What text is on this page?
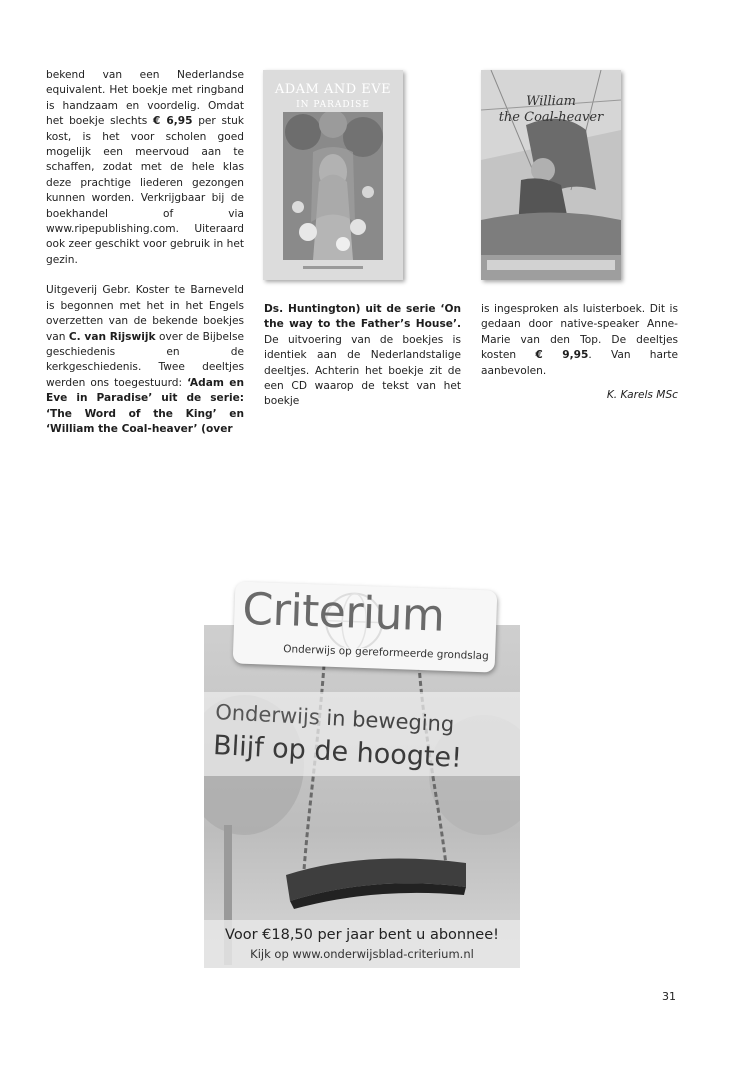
bekend van een Nederlandse equivalent. Het boekje met ringband is handzaam en voordelig. Omdat het boekje slechts € 6,95 per stuk kost, is het voor scholen goed mogelijk een meervoud aan te schaffen, zodat met de hele klas deze prachtige liederen gezongen kunnen worden. Verkrijgbaar bij de boekhandel of via www.ripepublishing.com. Uiteraard ook zeer geschikt voor gebruik in het gezin.

Uitgeverij Gebr. Koster te Barneveld is begonnen met het in het Engels overzetten van de bekende boekjes van C. van Rijswijk over de Bijbelse geschiedenis en de kerkgeschiedenis. Twee deeltjes werden ons toegestuurd: ‘Adam en Eve in Paradise’ uit de serie: ‘The Word of the King’ en ‘William the Coal-heaver’ (over

ADAM AND EVE
IN PARADISE	William
the Coal-heaver

Ds. Huntington) uit de serie ‘On the way to the Father’s House’. De uitvoering van de boekjes is identiek aan de Nederlandstalige deeltjes. Achterin het boekje zit de een CD waarop de tekst van het boekje

is ingesproken als luisterboek. Dit is gedaan door native-speaker Anne-Marie van den Top. De deeltjes kosten € 9,95. Van harte aanbevolen.

K. Karels MSc
Criterium
Onderwijs op gereformeerde grondslag
Onderwijs in beweging
Blijf op de hoogte!
Voor €18,50 per jaar bent u abonnee!
Kijk op www.onderwijsblad-criterium.nl
31
